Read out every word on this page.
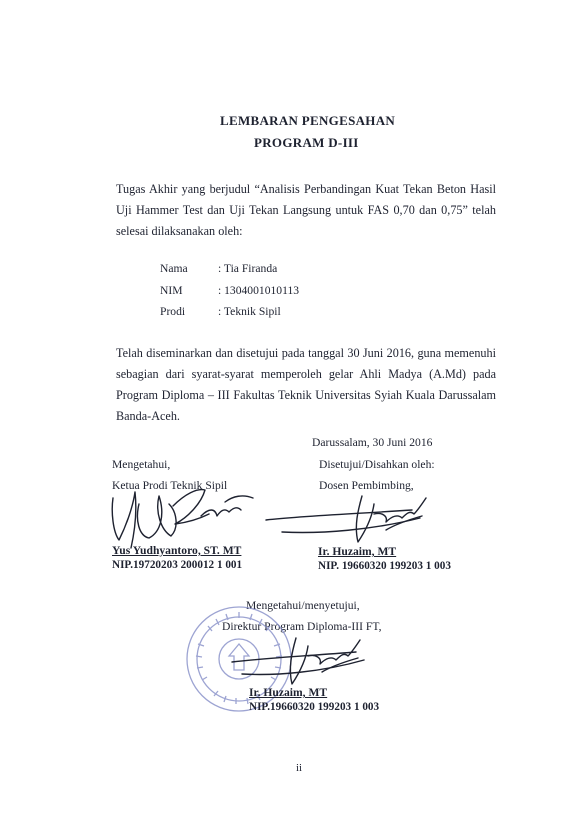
LEMBARAN PENGESAHAN
PROGRAM D-III
Tugas Akhir yang berjudul “Analisis Perbandingan Kuat Tekan Beton Hasil Uji Hammer Test dan Uji Tekan Langsung untuk FAS 0,70 dan 0,75” telah selesai dilaksanakan oleh:
Nama	: Tia Firanda
NIM	: 1304001010113
Prodi	: Teknik Sipil
Telah diseminarkan dan disetujui pada tanggal 30 Juni 2016, guna memenuhi sebagian dari syarat-syarat memperoleh gelar Ahli Madya (A.Md) pada Program Diploma – III Fakultas Teknik Universitas Syiah Kuala Darussalam Banda-Aceh.
Darussalam, 30 Juni 2016
Mengetahui,
Ketua Prodi Teknik Sipil
Disetujui/Disahkan oleh:
Dosen Pembimbing,
Yus Yudhyantoro, ST. MT
NIP.19720203 200012 1 001
Ir. Huzaim, MT
NIP. 19660320 199203 1 003
Mengetahui/menyetujui,
Direktur Program Diploma-III FT,
Ir. Huzaim, MT
NIP.19660320 199203 1 003
ii
